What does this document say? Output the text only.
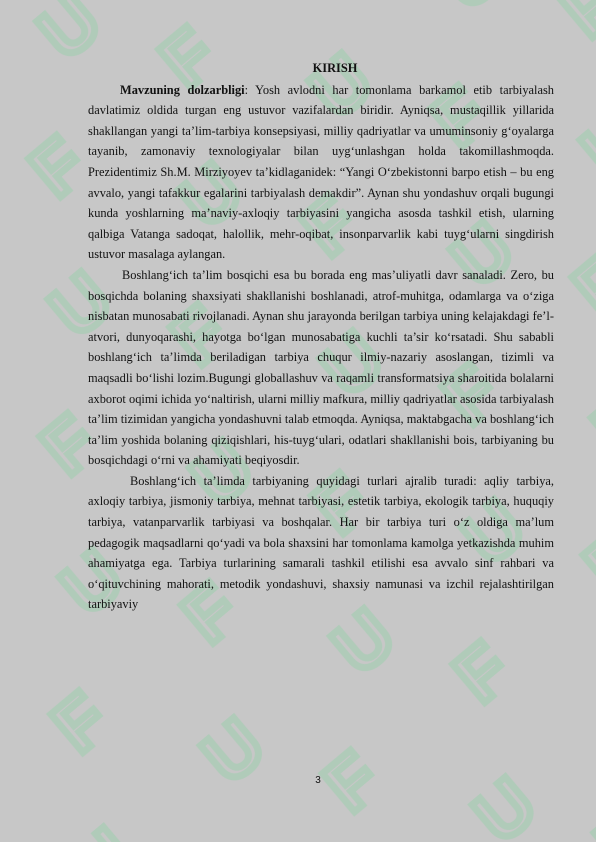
KIRISH

Mavzuning dolzarbligi: Yosh avlodni har tomonlama barkamol etib tarbiyalash davlatimiz oldida turgan eng ustuvor vazifalardan biridir. Ayniqsa, mustaqillik yillarida shakllangan yangi ta’lim-tarbiya konsepsiyasi, milliy qadriyatlar va umuminsoniy g‘oyalarga tayanib, zamonaviy texnologiyalar bilan uyg‘unlashgan holda takomillashmoqda. Prezidentimiz Sh.M. Mirziyoyev ta’kidlaganidek: “Yangi O‘zbekistonni barpo etish – bu eng avvalo, yangi tafakkur egalarini tarbiyalash demakdir”. Aynan shu yondashuv orqali bugungi kunda yoshlarning ma’naviy-axloqiy tarbiyasini yangicha asosda tashkil etish, ularning qalbiga Vatanga sadoqat, halollik, mehr-oqibat, insonparvarlik kabi tuyg‘ularni singdirish ustuvor masalaga aylangan.

Boshlang‘ich ta’lim bosqichi esa bu borada eng mas’uliyatli davr sanaladi. Zero, bu bosqichda bolaning shaxsiyati shakllanishi boshlanadi, atrof-muhitga, odamlarga va o‘ziga nisbatan munosabati rivojlanadi. Aynan shu jarayonda berilgan tarbiya uning kelajakdagi fe’l-atvori, dunyoqarashi, hayotga bo‘lgan munosabatiga kuchli ta’sir ko‘rsatadi. Shu sababli boshlang‘ich ta’limda beriladigan tarbiya chuqur ilmiy-nazariy asoslangan, tizimli va maqsadli bo‘lishi lozim.Bugungi globallashuv va raqamli transformatsiya sharoitida bolalarni axborot oqimi ichida yo‘naltirish, ularni milliy mafkura, milliy qadriyatlar asosida tarbiyalash ta’lim tizimidan yangicha yondashuvni talab etmoqda. Ayniqsa, maktabgacha va boshlang‘ich ta’lim yoshida bolaning qiziqishlari, his-tuyg‘ulari, odatlari shakllanishi bois, tarbiyaning bu bosqichdagi o‘rni va ahamiyati beqiyosdir.

Boshlang‘ich ta’limda tarbiyaning quyidagi turlari ajralib turadi: aqliy tarbiya, axloqiy tarbiya, jismoniy tarbiya, mehnat tarbiyasi, estetik tarbiya, ekologik tarbiya, huquqiy tarbiya, vatanparvarlik tarbiyasi va boshqalar. Har bir tarbiya turi o‘z oldiga ma’lum pedagogik maqsadlarni qo‘yadi va bola shaxsini har tomonlama kamolga yetkazishda muhim ahamiyatga ega. Tarbiya turlarining samarali tashkil etilishi esa avvalo sinf rahbari va o‘qituvchining mahorati, metodik yondashuvi, shaxsiy namunasi va izchil rejalashtirilgan tarbiyaviy

3
